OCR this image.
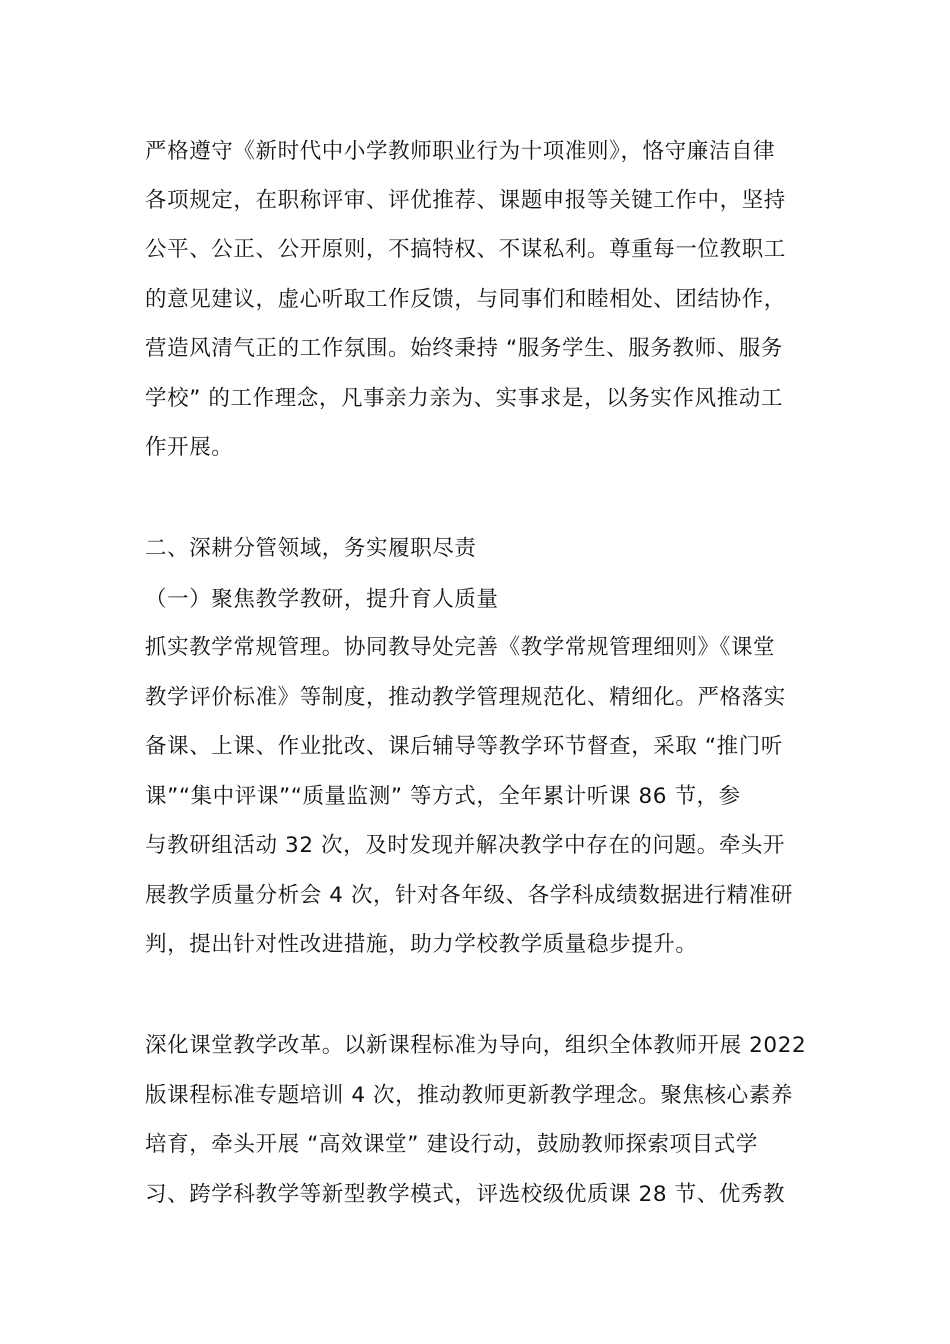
严格遵守《新时代中小学教师职业行为十项准则》，恪守廉洁自律
各项规定，在职称评审、评优推荐、课题申报等关键工作中，坚持
公平、公正、公开原则，不搞特权、不谋私利。尊重每一位教职工
的意见建议，虚心听取工作反馈，与同事们和睦相处、团结协作，
营造风清气正的工作氛围。始终秉持 “服务学生、服务教师、服务
学校” 的工作理念，凡事亲力亲为、实事求是，以务实作风推动工
作开展。
二、深耕分管领域，务实履职尽责
（一）聚焦教学教研，提升育人质量
抓实教学常规管理。协同教导处完善《教学常规管理细则》《课堂
教学评价标准》等制度，推动教学管理规范化、精细化。严格落实
备课、上课、作业批改、课后辅导等教学环节督查，采取 “推门听
课”“集中评课”“质量监测” 等方式，全年累计听课 86 节，参
与教研组活动 32 次，及时发现并解决教学中存在的问题。牵头开
展教学质量分析会 4 次，针对各年级、各学科成绩数据进行精准研
判，提出针对性改进措施，助力学校教学质量稳步提升。
深化课堂教学改革。以新课程标准为导向，组织全体教师开展 2022
版课程标准专题培训 4 次，推动教师更新教学理念。聚焦核心素养
培育，牵头开展 “高效课堂” 建设行动，鼓励教师探索项目式学
习、跨学科教学等新型教学模式，评选校级优质课 28 节、优秀教
